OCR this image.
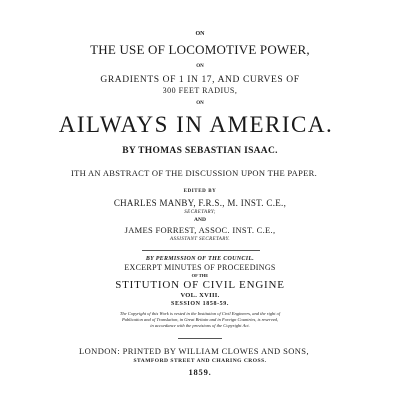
ON
THE USE OF LOCOMOTIVE POWER,
ON
GRADIENTS OF 1 IN 17, AND CURVES OF
300 FEET RADIUS,
ON
AILWAYS IN AMERICA.
BY THOMAS SEBASTIAN ISAAC.
ITH AN ABSTRACT OF THE DISCUSSION UPON THE PAPER.
EDITED BY
CHARLES MANBY, F.R.S., M. INST. C.E.,
SECRETARY;
AND
JAMES FORREST, ASSOC. INST. C.E.,
ASSISTANT SECRETARY.
BY PERMISSION OF THE COUNCIL.
EXCERPT MINUTES OF PROCEEDINGS
OF THE
STITUTION OF CIVIL ENGINE
VOL. XVIII.
SESSION 1858-59.
The Copyright of this Work is vested in the Institution of Civil Engineers, and the right of
Publication and of Translation, in Great Britain and in Foreign Countries, is reserved,
in accordance with the provisions of the Copyright Act.
LONDON: PRINTED BY WILLIAM CLOWES AND SONS,
STAMFORD STREET AND CHARING CROSS.
1859.
